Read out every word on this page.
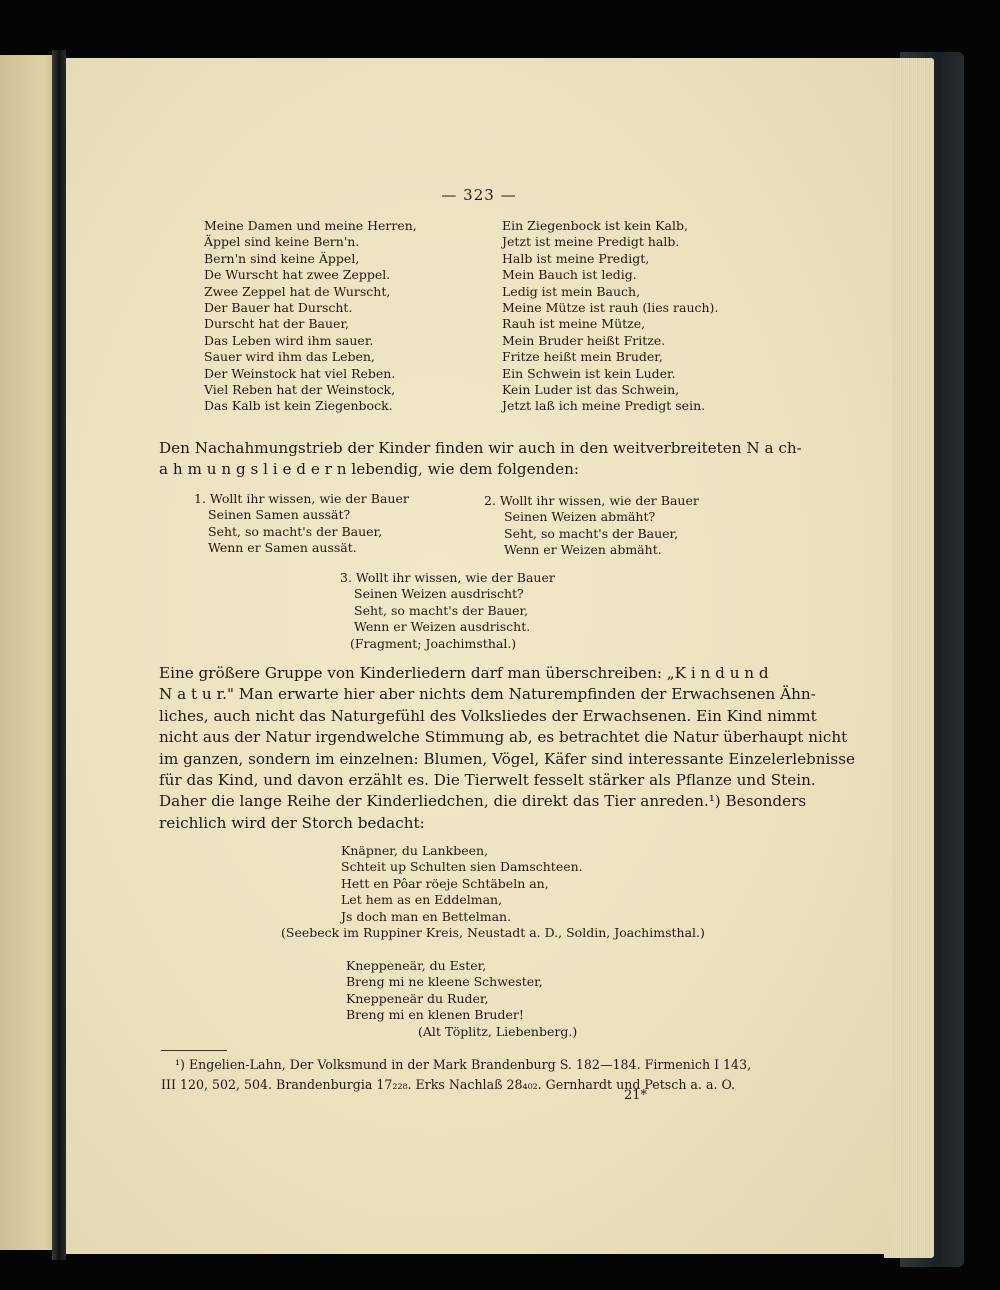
— 323 —
Meine Damen und meine Herren,
Äppel sind keine Bern'n.
Bern'n sind keine Äppel,
De Wurscht hat zwee Zeppel.
Zwee Zeppel hat de Wurscht,
Der Bauer hat Durscht.
Durscht hat der Bauer,
Das Leben wird ihm sauer.
Sauer wird ihm das Leben,
Der Weinstock hat viel Reben.
Viel Reben hat der Weinstock,
Das Kalb ist kein Ziegenbock.
Ein Ziegenbock ist kein Kalb,
Jetzt ist meine Predigt halb.
Halb ist meine Predigt,
Mein Bauch ist ledig.
Ledig ist mein Bauch,
Meine Mütze ist rauh (lies rauch).
Rauh ist meine Mütze,
Mein Bruder heißt Fritze.
Fritze heißt mein Bruder,
Ein Schwein ist kein Luder.
Kein Luder ist das Schwein,
Jetzt laß ich meine Predigt sein.
Den Nachahmungstrieb der Kinder finden wir auch in den weitverbreiteten N a ch-
a h m u n g s l i e d e r n lebendig, wie dem folgenden:
1. Wollt ihr wissen, wie der Bauer
Seinen Samen aussät?
Seht, so macht's der Bauer,
Wenn er Samen aussät.
2. Wollt ihr wissen, wie der Bauer
Seinen Weizen abmäht?
Seht, so macht's der Bauer,
Wenn er Weizen abmäht.
3. Wollt ihr wissen, wie der Bauer
Seinen Weizen ausdrischt?
Seht, so macht's der Bauer,
Wenn er Weizen ausdrischt.
(Fragment; Joachimsthal.)
Eine größere Gruppe von Kinderliedern darf man überschreiben: „K i n d u n d
N a t u r." Man erwarte hier aber nichts dem Naturempfinden der Erwachsenen Ähn-
liches, auch nicht das Naturgefühl des Volksliedes der Erwachsenen. Ein Kind nimmt
nicht aus der Natur irgendwelche Stimmung ab, es betrachtet die Natur überhaupt nicht
im ganzen, sondern im einzelnen: Blumen, Vögel, Käfer sind interessante Einzelerlebnisse
für das Kind, und davon erzählt es. Die Tierwelt fesselt stärker als Pflanze und Stein.
Daher die lange Reihe der Kinderliedchen, die direkt das Tier anreden.¹) Besonders
reichlich wird der Storch bedacht:
Knäpner, du Lankbeen,
Schteit up Schulten sien Damschteen.
Hett en Pôar röeje Schtäbeln an,
Let hem as en Eddelman,
Js doch man en Bettelman.
(Seebeck im Ruppiner Kreis, Neustadt a. D., Soldin, Joachimsthal.)
Kneppeneär, du Ester,
Breng mi ne kleene Schwester,
Kneppeneär du Ruder,
Breng mi en klenen Bruder!
(Alt Töplitz, Liebenberg.)
¹) Engelien-Lahn, Der Volksmund in der Mark Brandenburg S. 182—184. Firmenich I 143,
III 120, 502, 504. Brandenburgia 17₂₂₈. Erks Nachlaß 28₄₀₂. Gernhardt und Petsch a. a. O.
21*
